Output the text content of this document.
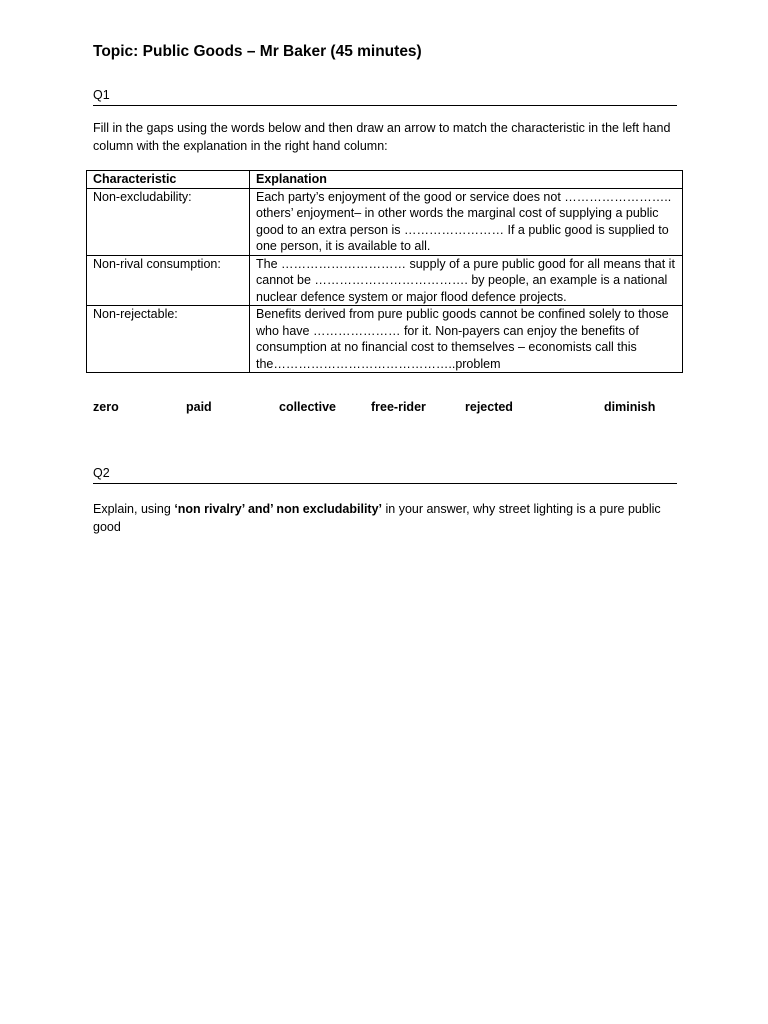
Topic: Public Goods – Mr Baker (45 minutes)
Q1
Fill in the gaps using the words below and then draw an arrow to match the characteristic in the left hand column with the explanation in the right hand column:
Characteristic	Explanation
Non-excludability:	Each party’s enjoyment of the good or service does not …………………….. others’ enjoyment– in other words the marginal cost of supplying a public good to an extra person is …………………… If a public good is supplied to one person, it is available to all.
Non-rival consumption:	The ………………………… supply of a pure public good for all means that it cannot be ………………………………. by people, an example is a national nuclear defence system or major flood defence projects.
Non-rejectable:	Benefits derived from pure public goods cannot be confined solely to those who have ………………… for it. Non-payers can enjoy the benefits of consumption at no financial cost to themselves – economists call this the……………………………………..problem
zero	paid	collective	free-rider	rejected	diminish
Q2
Explain, using ‘non rivalry’ and’ non excludability’ in your answer, why street lighting is a pure public good
